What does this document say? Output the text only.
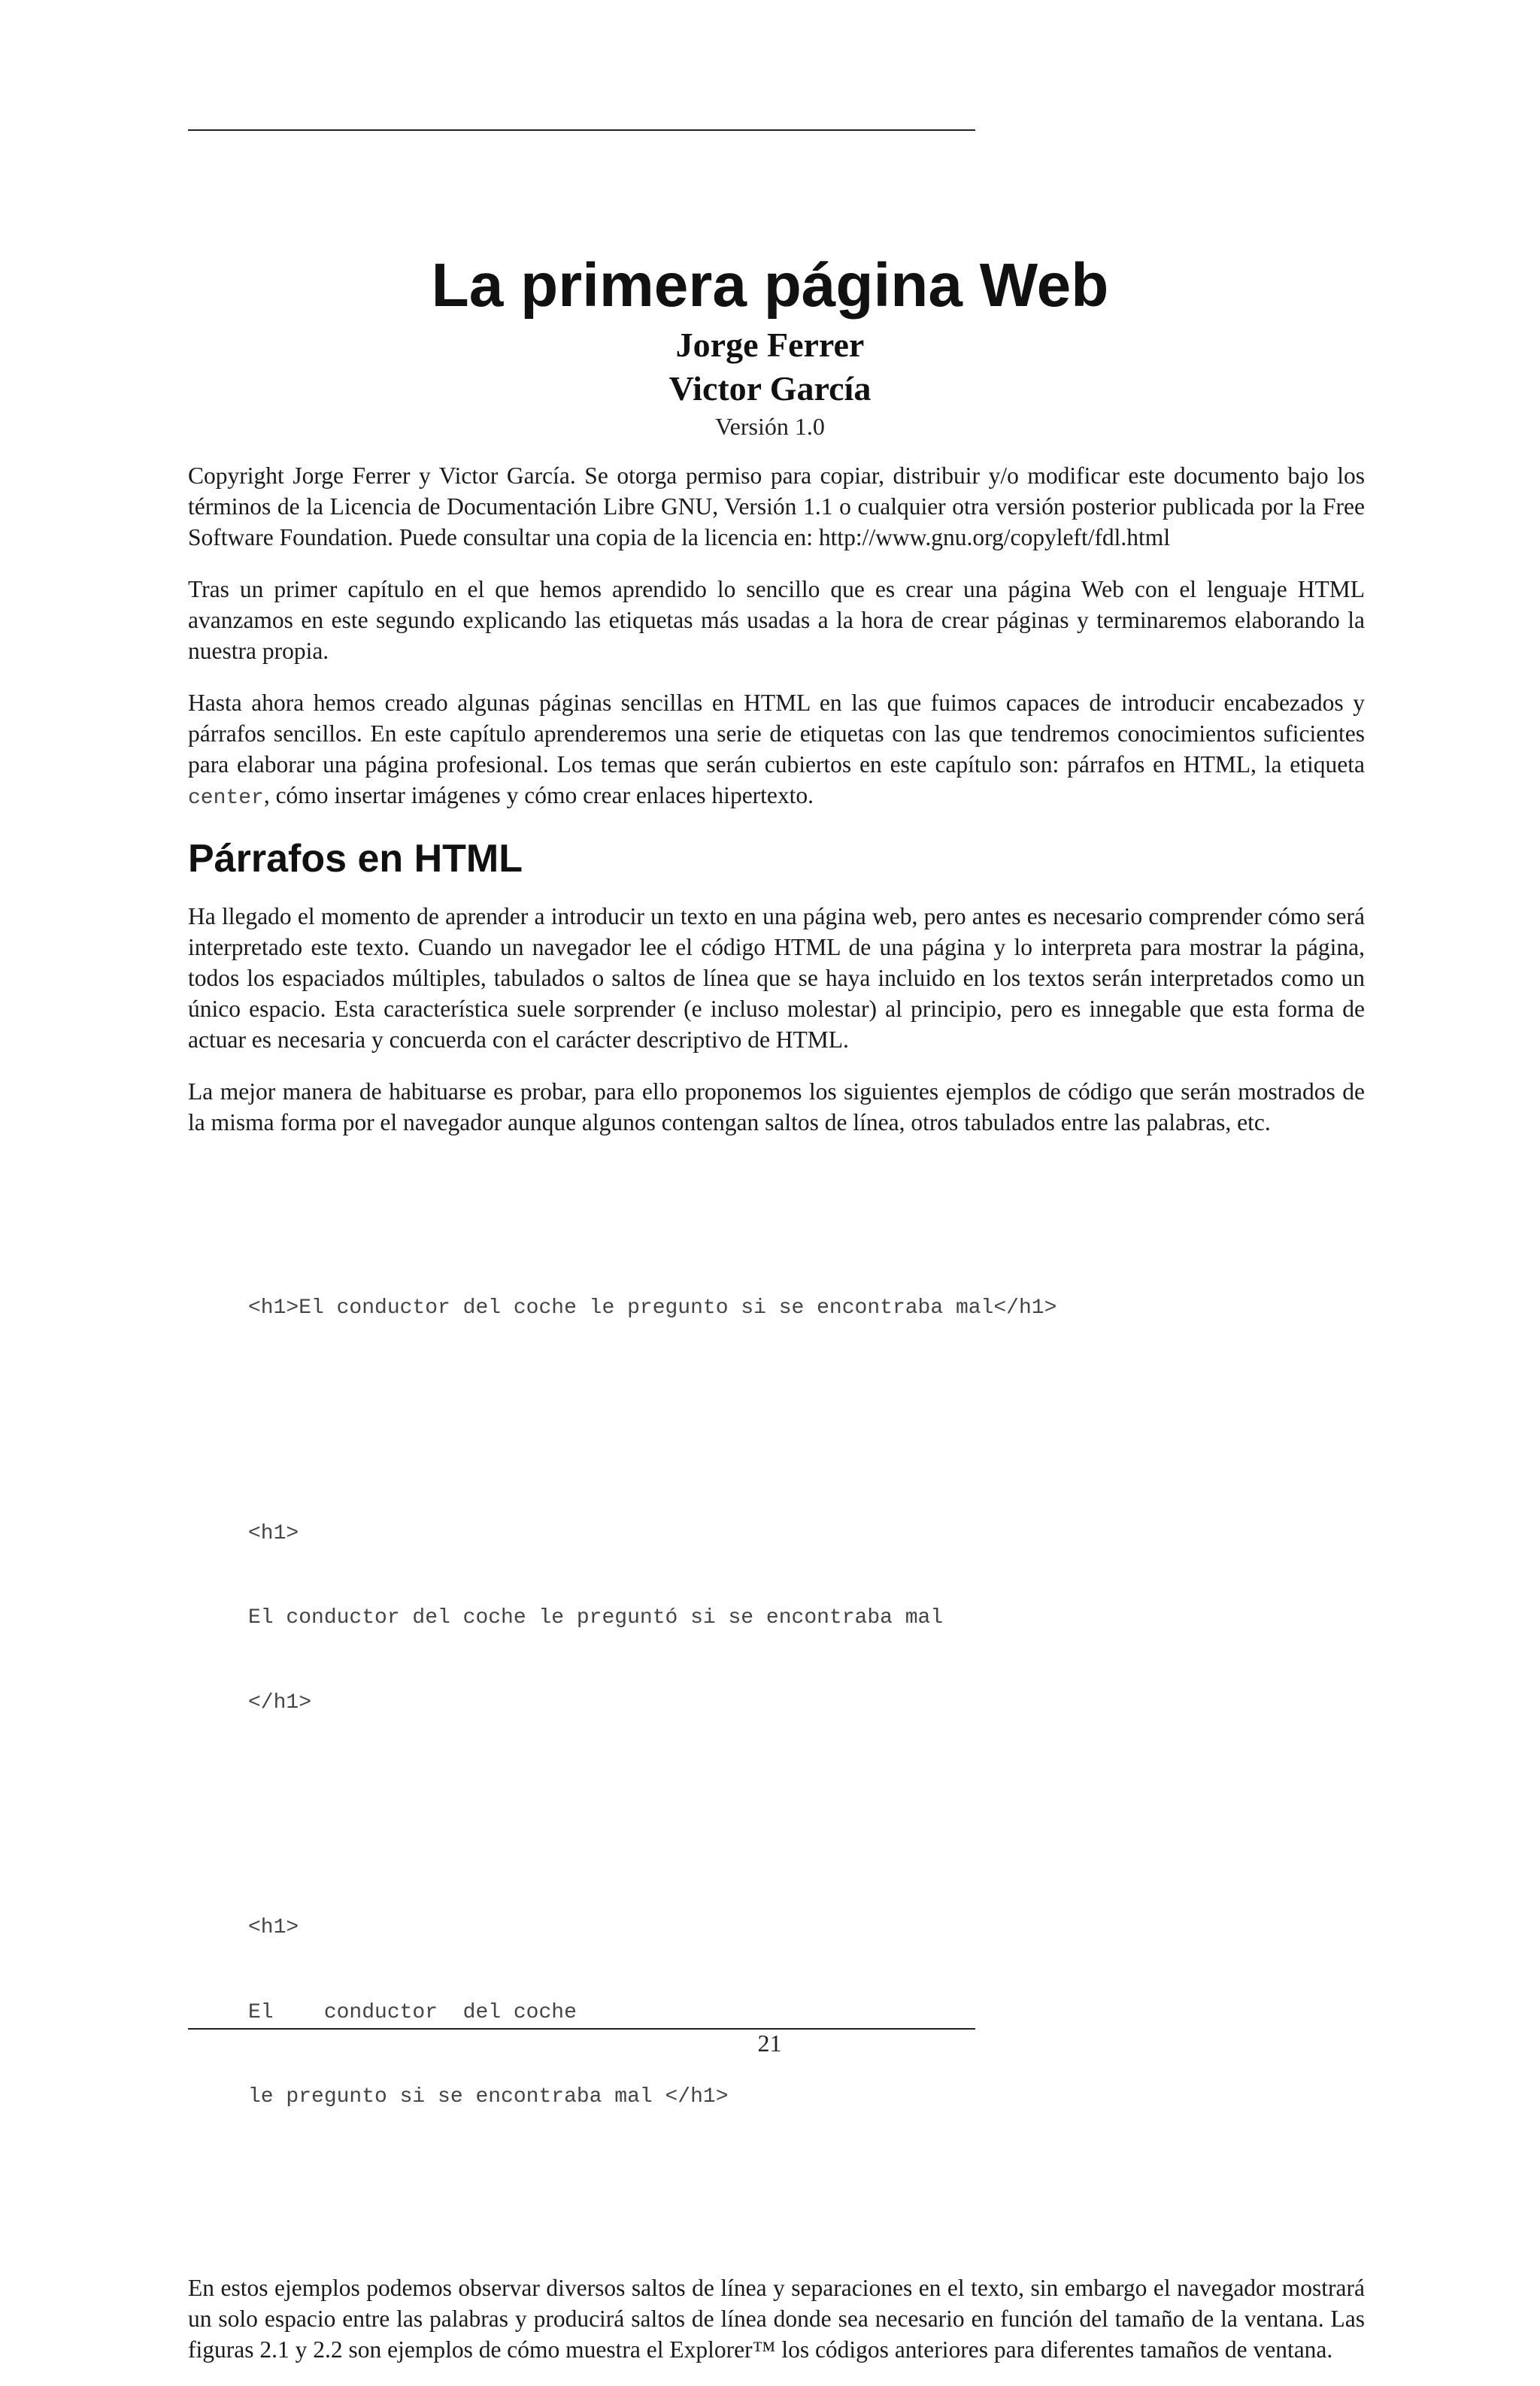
La primera página Web

Jorge Ferrer

Victor García

Versión 1.0

Copyright Jorge Ferrer y Victor García. Se otorga permiso para copiar, distribuir y/o modificar este documento bajo los términos de la Licencia de Documentación Libre GNU, Versión 1.1 o cualquier otra versión posterior publicada por la Free Software Foundation. Puede consultar una copia de la licencia en: http://www.gnu.org/copyleft/fdl.html

Tras un primer capítulo en el que hemos aprendido lo sencillo que es crear una página Web con el lenguaje HTML avanzamos en este segundo explicando las etiquetas más usadas a la hora de crear páginas y terminaremos elaborando la nuestra propia.

Hasta ahora hemos creado algunas páginas sencillas en HTML en las que fuimos capaces de introducir encabezados y párrafos sencillos. En este capítulo aprenderemos una serie de etiquetas con las que tendremos conocimientos suficientes para elaborar una página profesional. Los temas que serán cubiertos en este capítulo son: párrafos en HTML, la etiqueta center, cómo insertar imágenes y cómo crear enlaces hipertexto.

Párrafos en HTML

Ha llegado el momento de aprender a introducir un texto en una página web, pero antes es necesario comprender cómo será interpretado este texto. Cuando un navegador lee el código HTML de una página y lo interpreta para mostrar la página, todos los espaciados múltiples, tabulados o saltos de línea que se haya incluido en los textos serán interpretados como un único espacio. Esta característica suele sorprender (e incluso molestar) al principio, pero es innegable que esta forma de actuar es necesaria y concuerda con el carácter descriptivo de HTML.

La mejor manera de habituarse es probar, para ello proponemos los siguientes ejemplos de código que serán mostrados de la misma forma por el navegador aunque algunos contengan saltos de línea, otros tabulados entre las palabras, etc.

<h1>El conductor del coche le pregunto si se encontraba mal</h1>

<h1>

El conductor del coche le preguntó si se encontraba mal

</h1>

<h1>

El    conductor  del coche

le pregunto si se encontraba mal </h1>

En estos ejemplos podemos observar diversos saltos de línea y separaciones en el texto, sin embargo el navegador mostrará un solo espacio entre las palabras y producirá saltos de línea donde sea necesario en función del tamaño de la ventana. Las figuras 2.1 y 2.2 son ejemplos de cómo muestra el Explorer™ los códigos anteriores para diferentes tamaños de ventana.

21
